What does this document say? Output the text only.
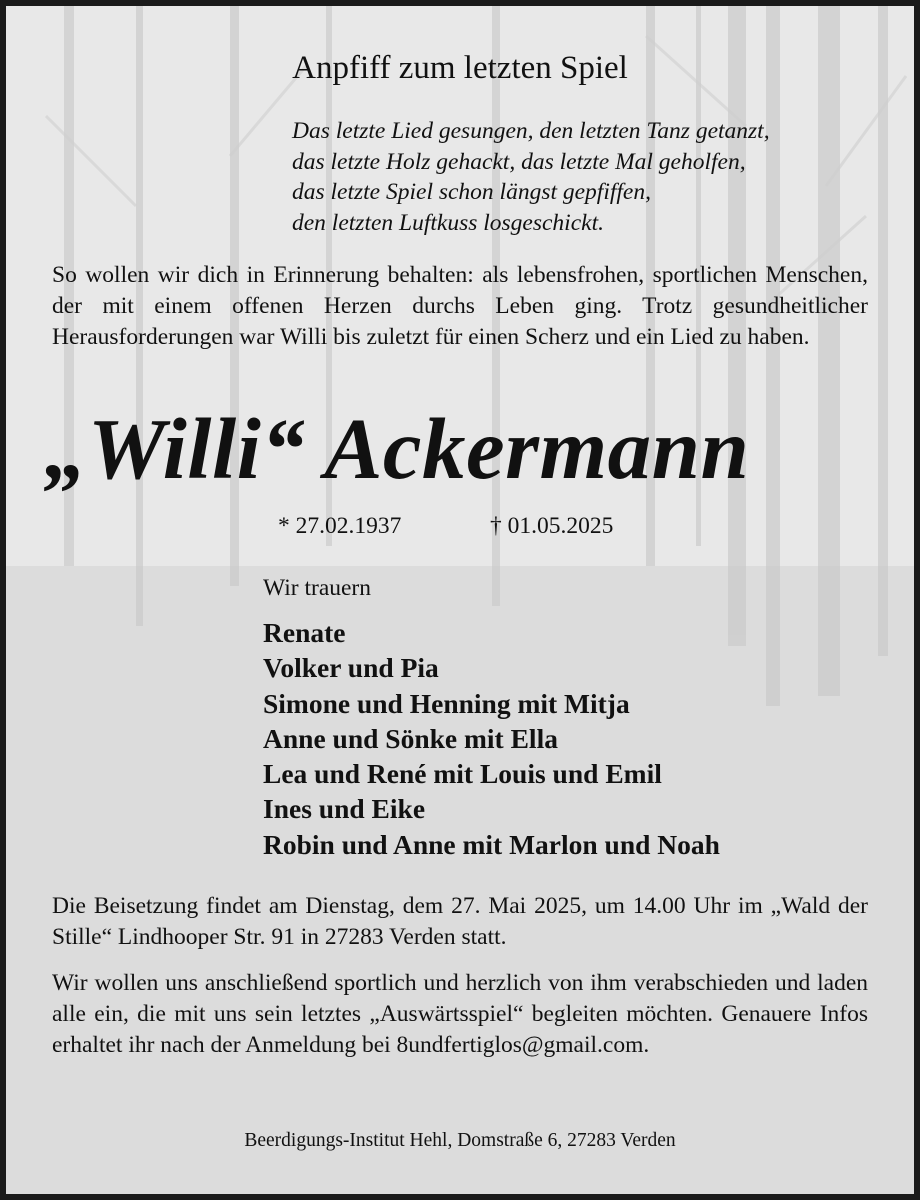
Anpfiff zum letzten Spiel
Das letzte Lied gesungen, den letzten Tanz getanzt,
das letzte Holz gehackt, das letzte Mal geholfen,
das letzte Spiel schon längst gepfiffen,
den letzten Luftkuss losgeschickt.
So wollen wir dich in Erinnerung behalten: als lebensfrohen, sportlichen Menschen, der mit einem offenen Herzen durchs Leben ging. Trotz gesundheitlicher Herausforderungen war Willi bis zuletzt für einen Scherz und ein Lied zu haben.
„Willi“ Ackermann
* 27.02.1937	† 01.05.2025
Wir trauern
Renate
Volker und Pia
Simone und Henning mit Mitja
Anne und Sönke mit Ella
Lea und René mit Louis und Emil
Ines und Eike
Robin und Anne mit Marlon und Noah
Die Beisetzung findet am Dienstag, dem 27. Mai 2025, um 14.00 Uhr im „Wald der Stille“ Lindhooper Str. 91 in 27283 Verden statt.
Wir wollen uns anschließend sportlich und herzlich von ihm verabschieden und laden alle ein, die mit uns sein letztes „Auswärtsspiel“ begleiten möchten. Genauere Infos erhaltet ihr nach der Anmeldung bei 8undfertiglos@gmail.com.
Beerdigungs-Institut Hehl, Domstraße 6, 27283 Verden
